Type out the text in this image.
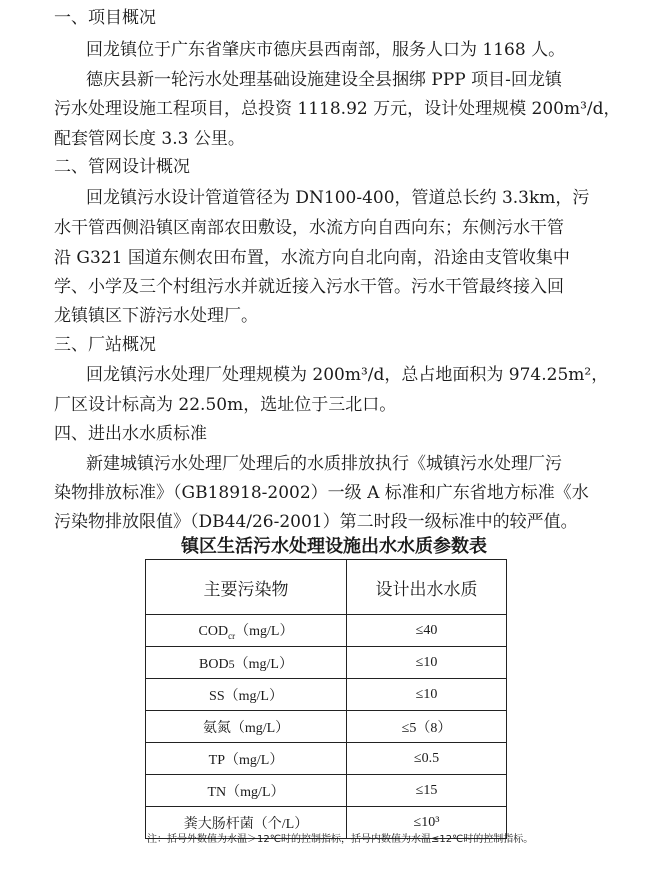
一、项目概况
回龙镇位于广东省肇庆市德庆县西南部，服务人口为 1168 人。
德庆县新一轮污水处理基础设施建设全县捆绑 PPP 项目-回龙镇
污水处理设施工程项目，总投资 1118.92 万元，设计处理规模 200m³/d，
配套管网长度 3.3 公里。
二、管网设计概况
回龙镇污水设计管道管径为 DN100-400，管道总长约 3.3km，污
水干管西侧沿镇区南部农田敷设，水流方向自西向东；东侧污水干管
沿 G321 国道东侧农田布置，水流方向自北向南，沿途由支管收集中
学、小学及三个村组污水并就近接入污水干管。污水干管最终接入回
龙镇镇区下游污水处理厂。
三、厂站概况
回龙镇污水处理厂处理规模为 200m³/d，总占地面积为 974.25m²，
厂区设计标高为 22.50m，选址位于三北口。
四、进出水水质标准
新建城镇污水处理厂处理后的水质排放执行《城镇污水处理厂污
染物排放标准》（GB18918-2002）一级 A 标准和广东省地方标准《水
污染物排放限值》（DB44/26-2001）第二时段一级标准中的较严值。
镇区生活污水处理设施出水水质参数表
主要污染物	设计出水水质
$COD_{cr}(mg/L)$	≤40
BOD5（mg/L）	≤10
SS（mg/L）	≤10
氨氮（mg/L）	≤5（8）
TP（mg/L）	≤0.5
TN（mg/L）	≤15
粪大肠杆菌（个/L）	≤10³
注：括号外数值为水温＞12℃时的控制指标，括号内数值为水温≤12℃时的控制指标。
